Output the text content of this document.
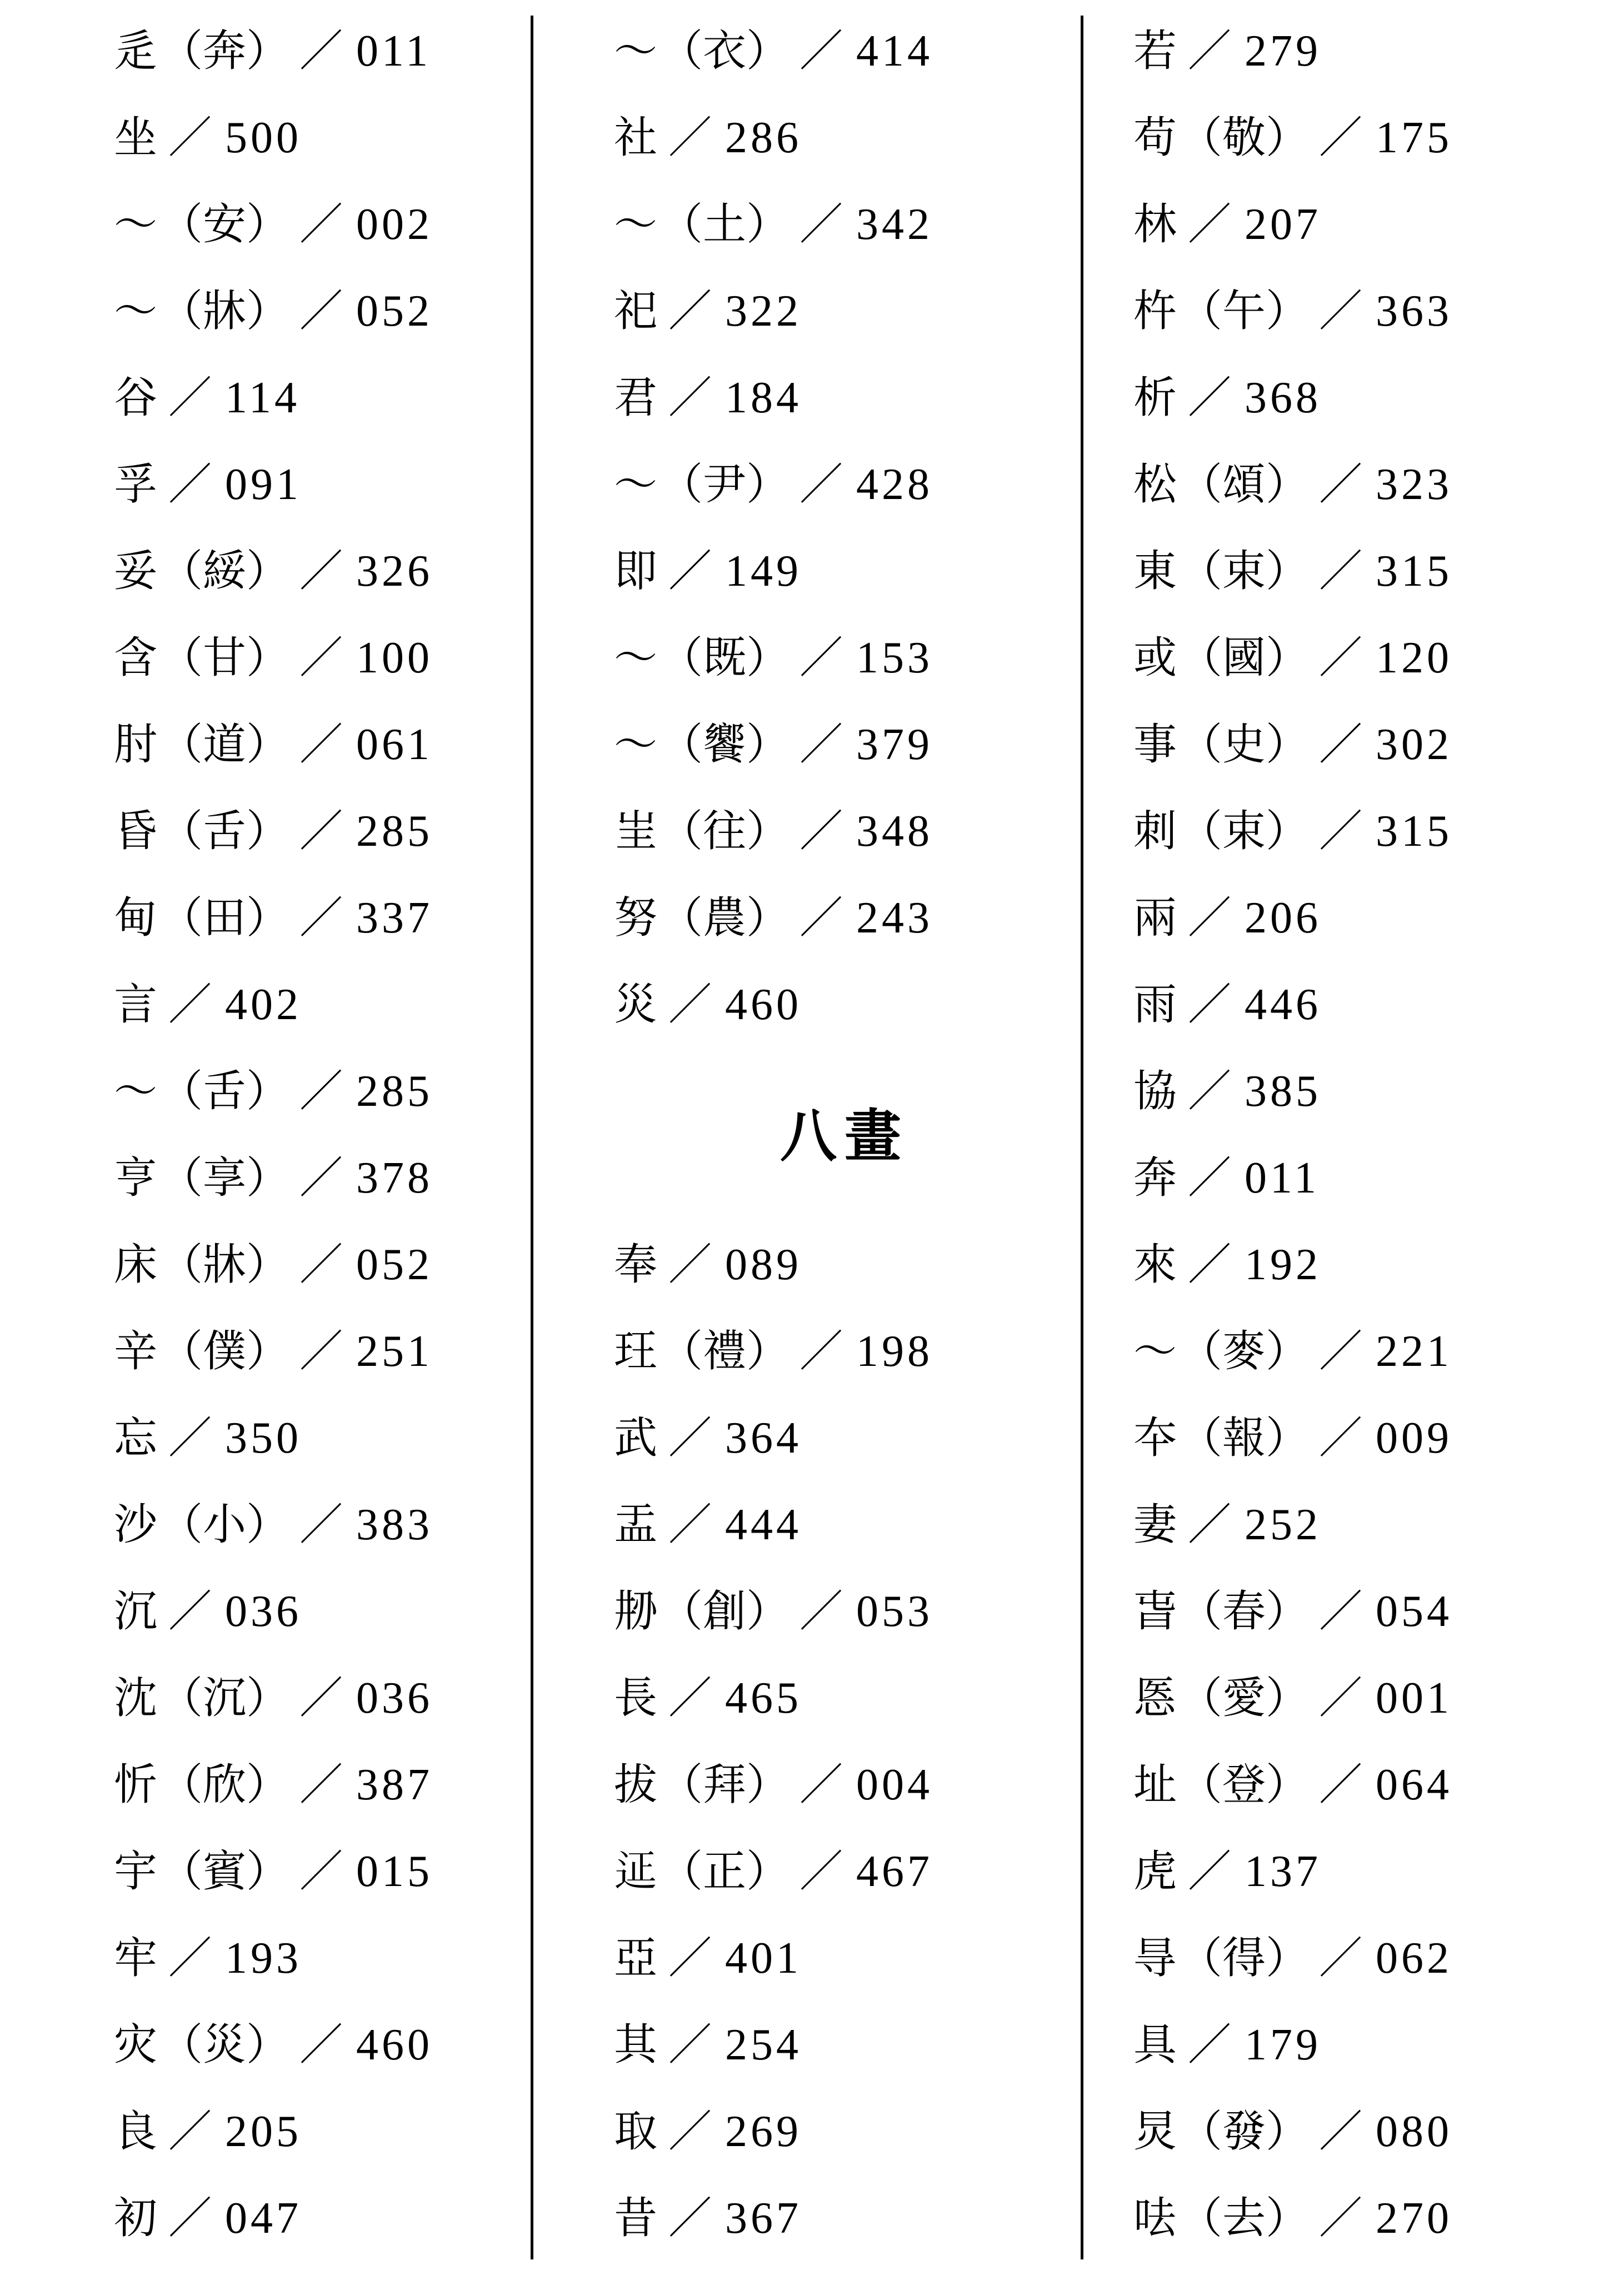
辵（奔） ／ 011
坐 ／ 500
～（安） ／ 002
～（牀） ／ 052
谷 ／ 114
孚 ／ 091
妥（綏） ／ 326
含（甘） ／ 100
肘（道） ／ 061
昏（舌） ／ 285
甸（田） ／ 337
言 ／ 402
～（舌） ／ 285
亨（享） ／ 378
床（牀） ／ 052
辛（僕） ／ 251
忘 ／ 350
沙（小） ／ 383
沉 ／ 036
沈（沉） ／ 036
忻（欣） ／ 387
宇（賓） ／ 015
牢 ／ 193
灾（災） ／ 460
良 ／ 205
初 ／ 047
～（衣） ／ 414
社 ／ 286
～（土） ／ 342
祀 ／ 322
君 ／ 184
～（尹） ／ 428
即 ／ 149
～（既） ／ 153
～（饗） ／ 379
㞷（往） ／ 348
努（農） ／ 243
災 ／ 460
八畫
奉 ／ 089
玨（禮） ／ 198
武 ／ 364
盂 ／ 444
刱（創） ／ 053
長 ／ 465
拔（拜） ／ 004
𨒌（正） ／ 467
亞 ／ 401
其 ／ 254
取 ／ 269
昔 ／ 367
若 ／ 279
苟（敬） ／ 175
林 ／ 207
杵（午） ／ 363
析 ／ 368
松（頌） ／ 323
東（束） ／ 315
或（國） ／ 120
事（史） ／ 302
刺（束） ／ 315
兩 ／ 206
雨 ／ 446
協 ／ 385
奔 ／ 011
來 ／ 192
～（麥） ／ 221
夲（報） ／ 009
妻 ／ 252
旾（春） ／ 054
悘（愛） ／ 001
址（登） ／ 064
虎 ／ 137
㝵（得） ／ 062
具 ／ 179
炅（發） ／ 080
呿（去） ／ 270
